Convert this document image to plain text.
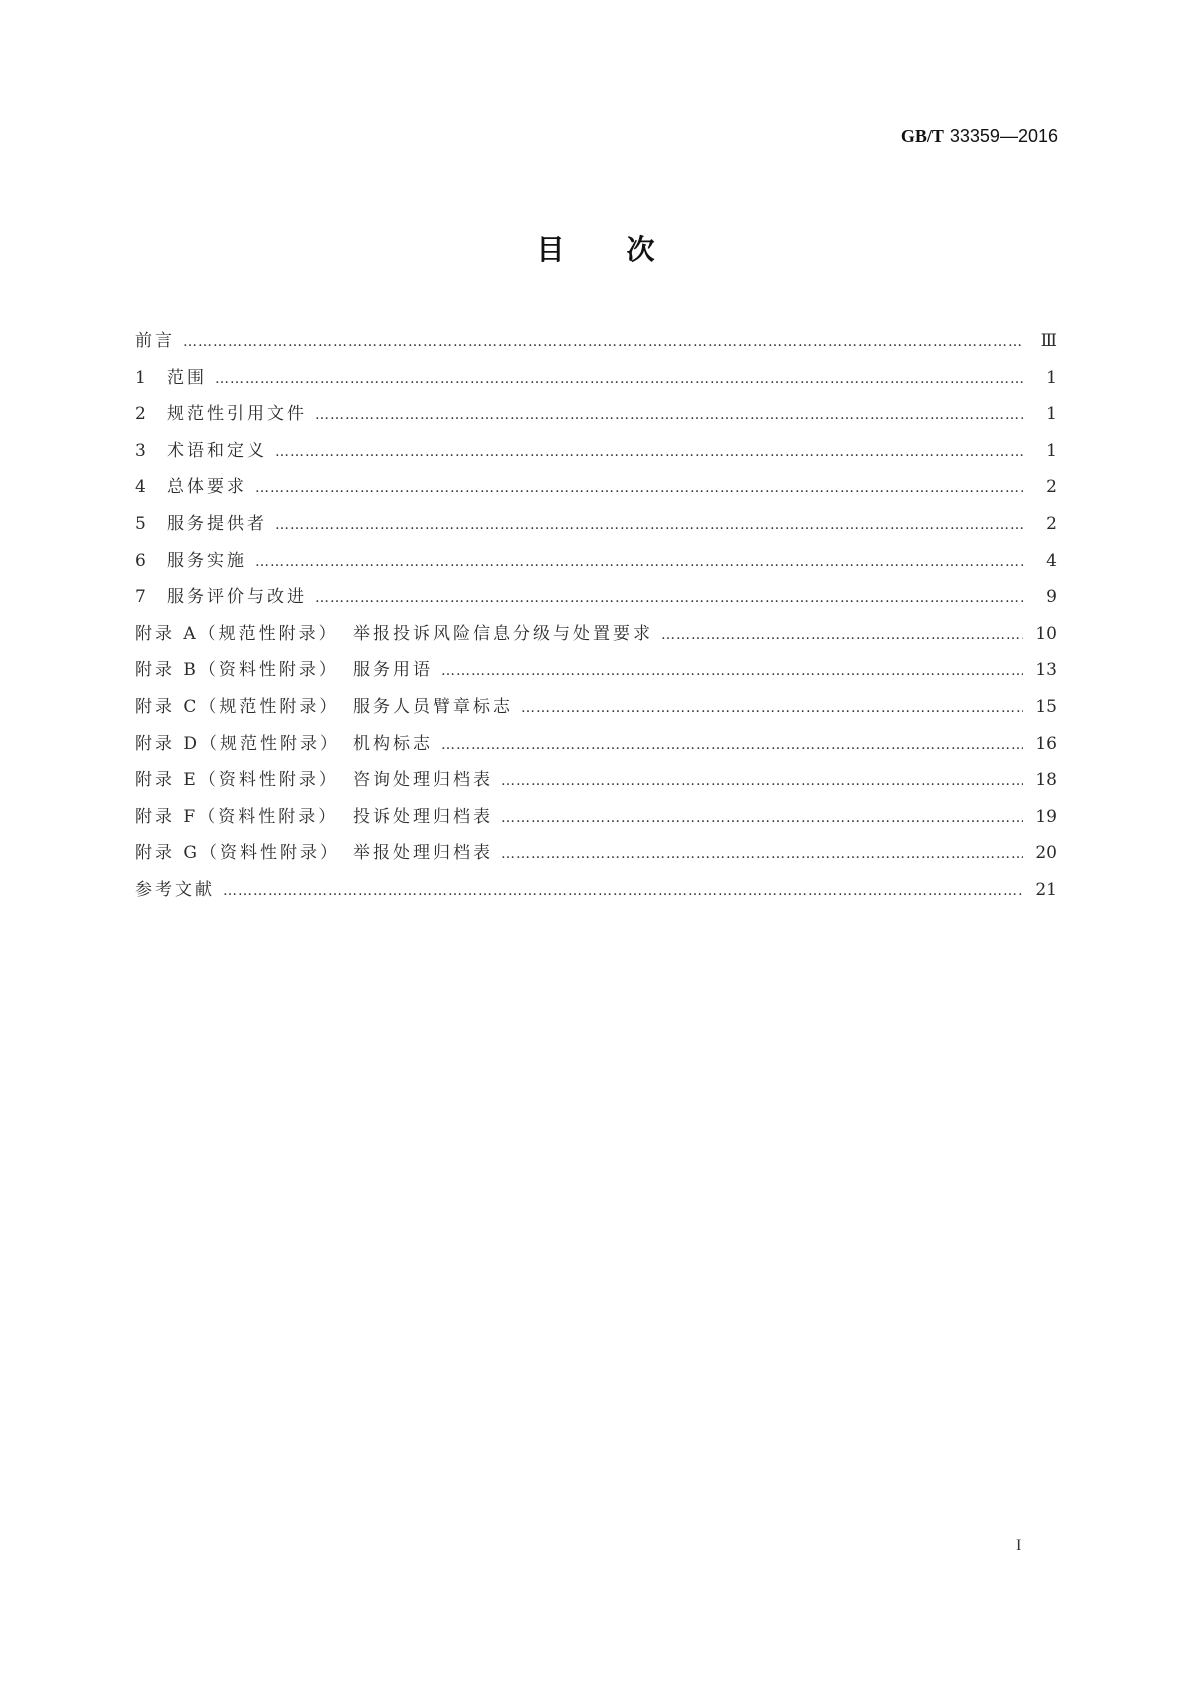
GB/T 33359—2016
目 次
前言 ………………………………………………………………………………………………………………………………………………………………………………	Ⅲ
1	范围 ………………………………………………………………………………………………………………………………………………………………………………	1
2	规范性引用文件 ………………………………………………………………………………………………………………………………………………………………………………	1
3	术语和定义 ………………………………………………………………………………………………………………………………………………………………………………	1
4	总体要求 ………………………………………………………………………………………………………………………………………………………………………………	2
5	服务提供者 ………………………………………………………………………………………………………………………………………………………………………………	2
6	服务实施 ………………………………………………………………………………………………………………………………………………………………………………	4
7	服务评价与改进 ………………………………………………………………………………………………………………………………………………………………………………	9
附录 A（规范性附录） 举报投诉风险信息分级与处置要求 ………………………………………………………………………………………………………………………………………………………………………………	10
附录 B（资料性附录） 服务用语 ………………………………………………………………………………………………………………………………………………………………………………	13
附录 C（规范性附录） 服务人员臂章标志 ………………………………………………………………………………………………………………………………………………………………………………	15
附录 D（规范性附录） 机构标志 ………………………………………………………………………………………………………………………………………………………………………………	16
附录 E（资料性附录） 咨询处理归档表 ………………………………………………………………………………………………………………………………………………………………………………	18
附录 F（资料性附录） 投诉处理归档表 ………………………………………………………………………………………………………………………………………………………………………………	19
附录 G（资料性附录） 举报处理归档表 ………………………………………………………………………………………………………………………………………………………………………………	20
参考文献 ………………………………………………………………………………………………………………………………………………………………………………	21
I
